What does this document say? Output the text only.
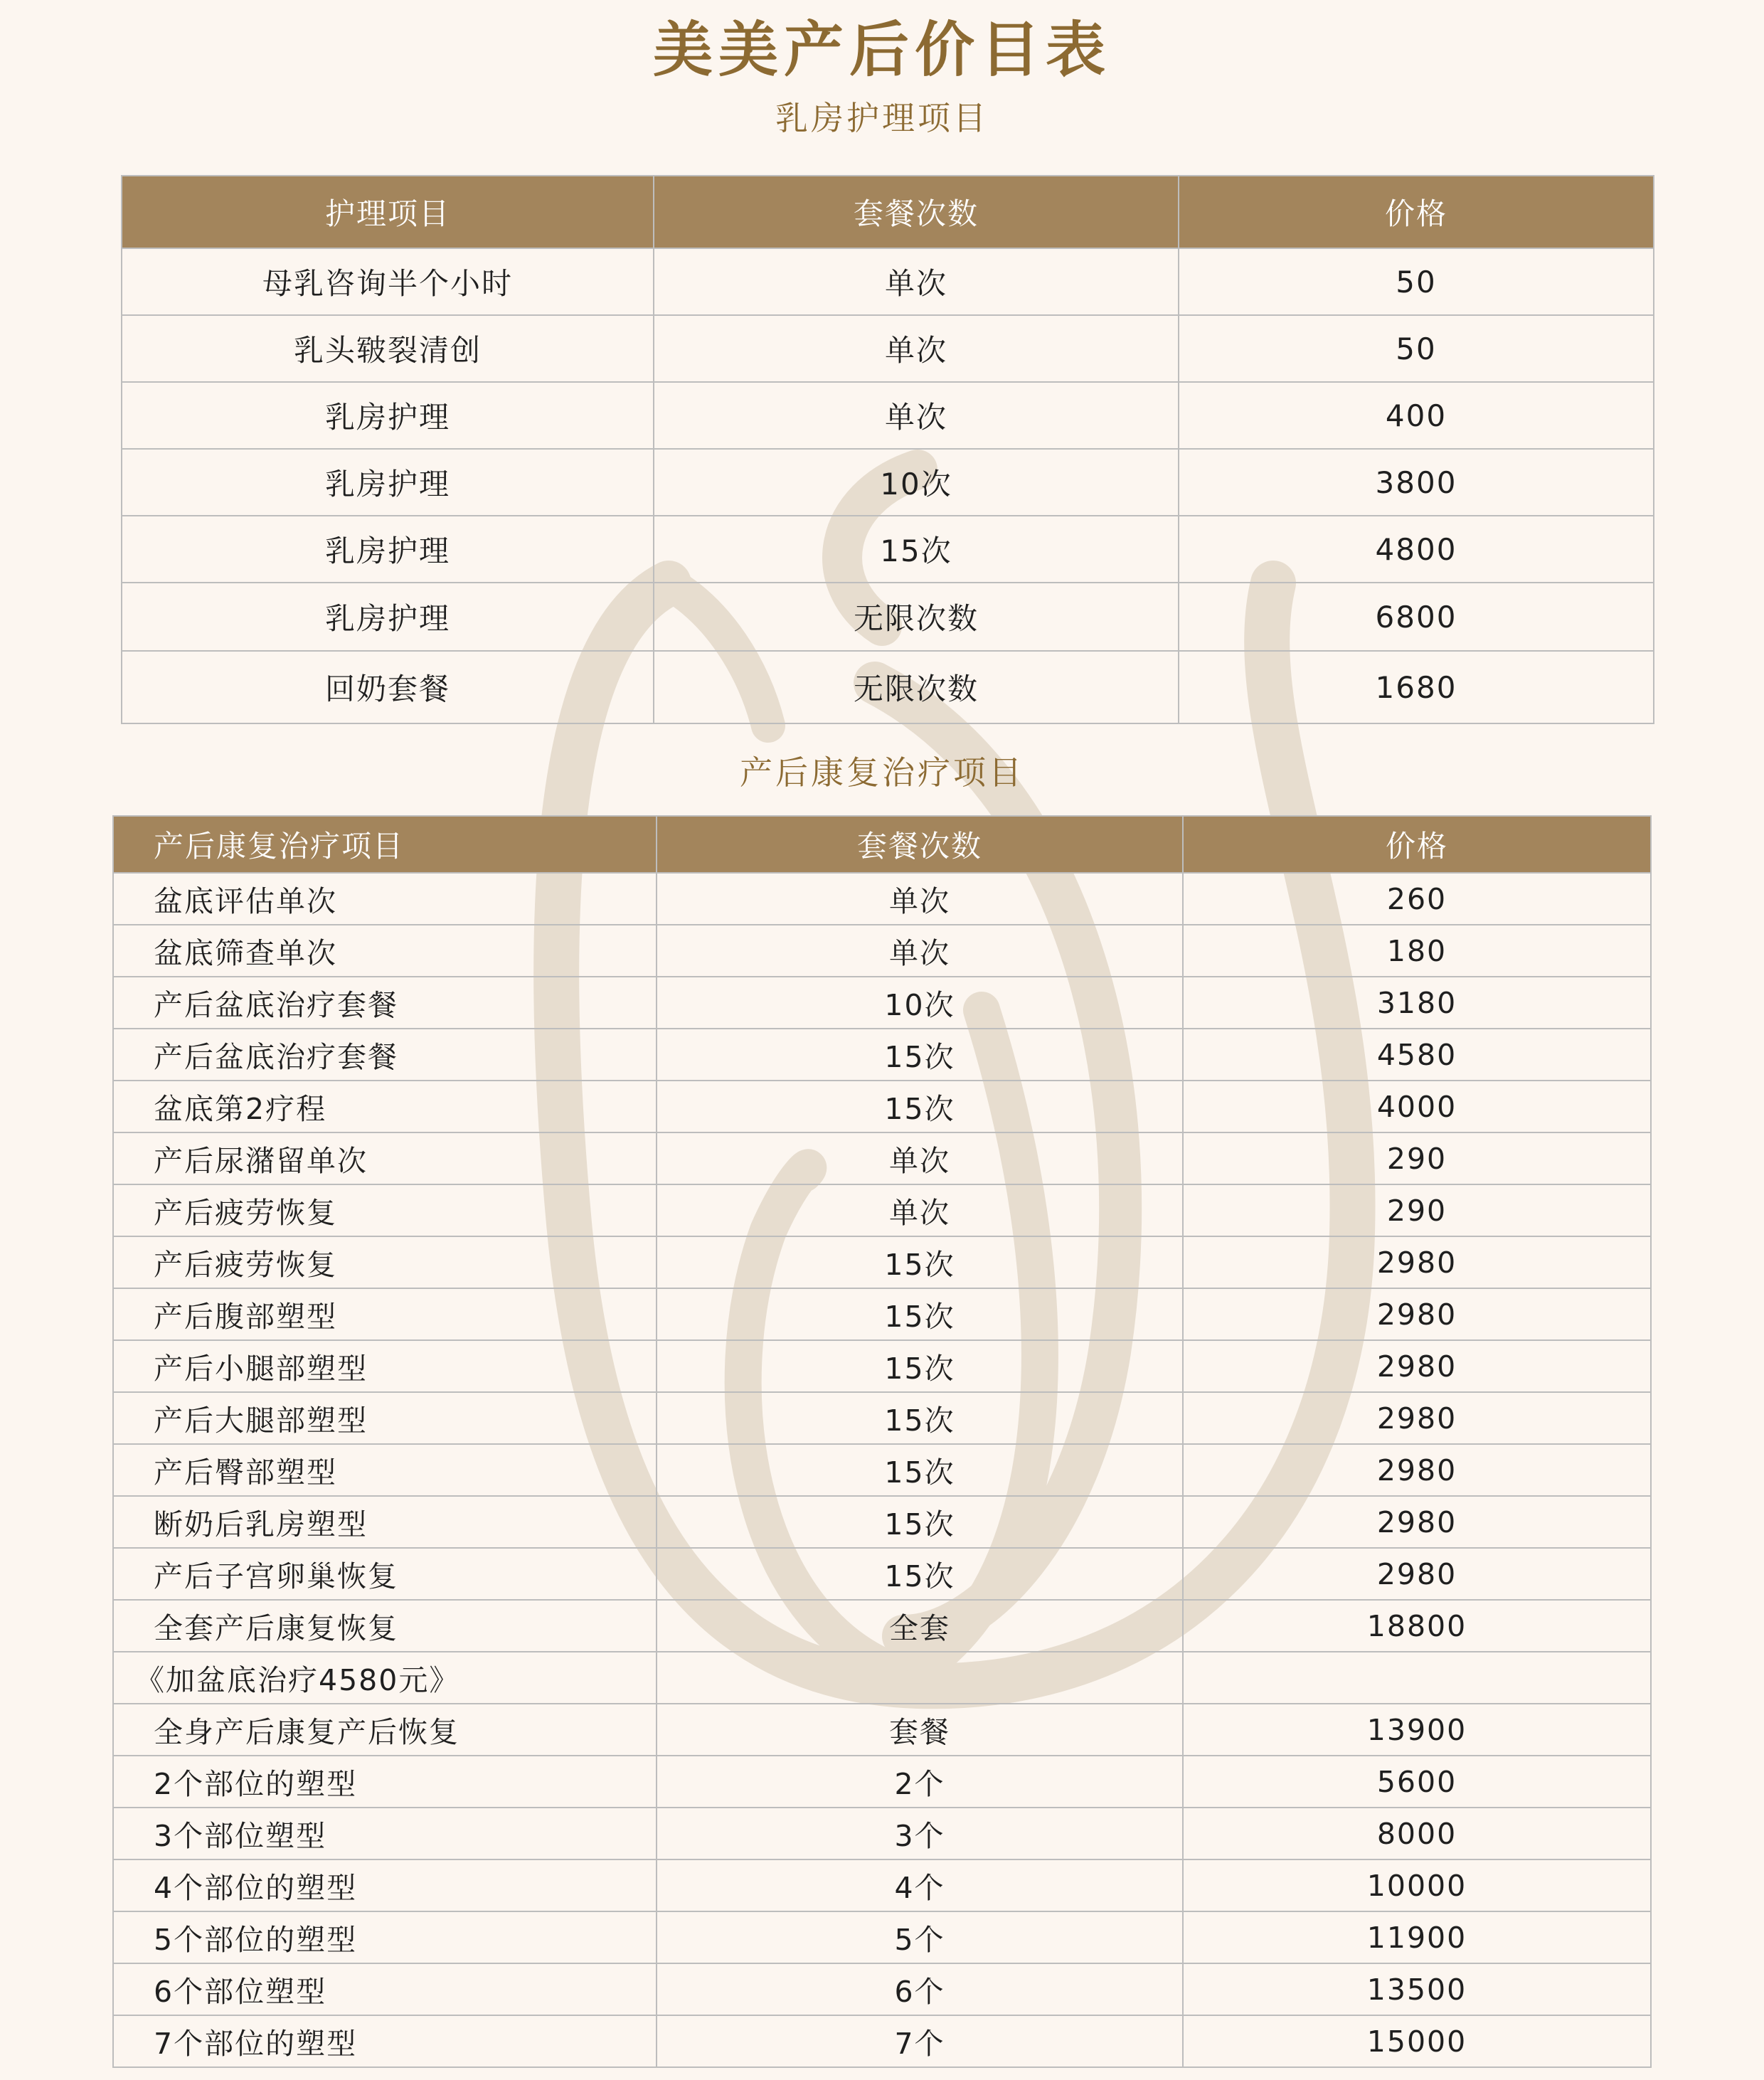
美美产后价目表
乳房护理项目
护理项目	套餐次数	价格
母乳咨询半个小时	单次	50
乳头皲裂清创	单次	50
乳房护理	单次	400
乳房护理	10次	3800
乳房护理	15次	4800
乳房护理	无限次数	6800
回奶套餐	无限次数	1680
产后康复治疗项目
产后康复治疗项目	套餐次数	价格
盆底评估单次	单次	260
盆底筛查单次	单次	180
产后盆底治疗套餐	10次	3180
产后盆底治疗套餐	15次	4580
盆底第2疗程	15次	4000
产后尿潴留单次	单次	290
产后疲劳恢复	单次	290
产后疲劳恢复	15次	2980
产后腹部塑型	15次	2980
产后小腿部塑型	15次	2980
产后大腿部塑型	15次	2980
产后臀部塑型	15次	2980
断奶后乳房塑型	15次	2980
产后子宫卵巢恢复	15次	2980
全套产后康复恢复	全套	18800
《加盆底治疗4580元》		
全身产后康复产后恢复	套餐	13900
2个部位的塑型	2个	5600
3个部位塑型	3个	8000
4个部位的塑型	4个	10000
5个部位的塑型	5个	11900
6个部位塑型	6个	13500
7个部位的塑型	7个	15000
